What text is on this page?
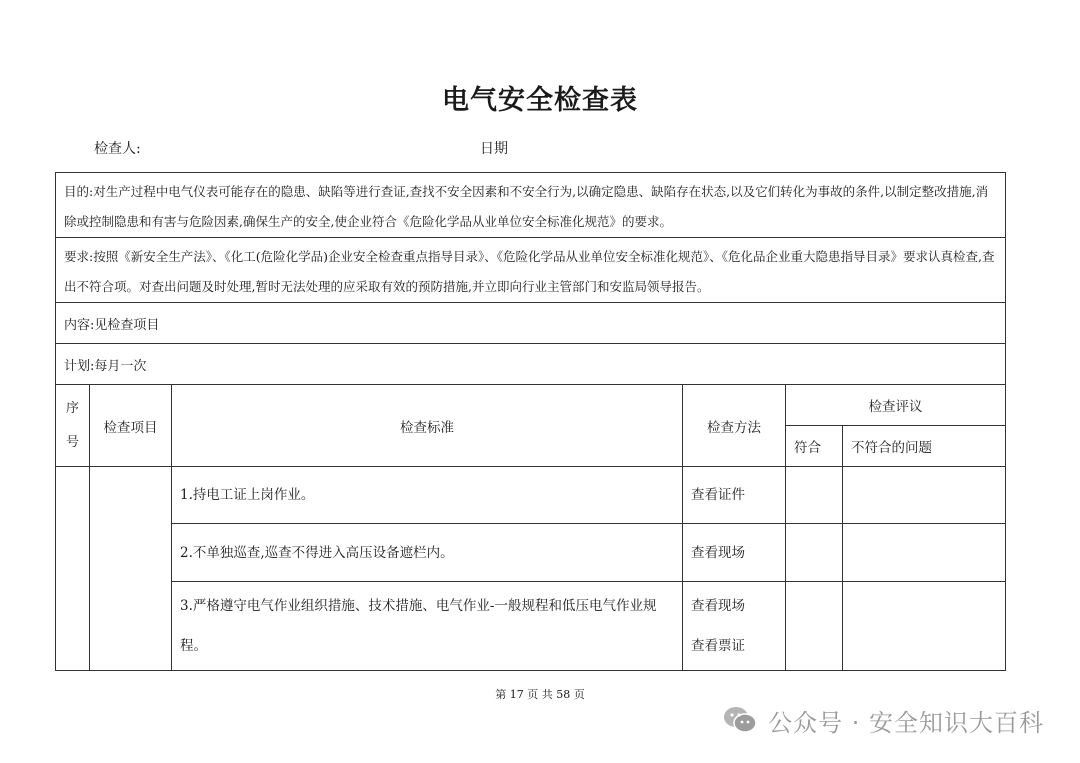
电气安全检查表
检查人:	日期
目的:对生产过程中电气仪表可能存在的隐患、缺陷等进行查证,查找不安全因素和不安全行为,以确定隐患、缺陷存在状态,以及它们转化为事故的条件,以制定整改措施,消除或控制隐患和有害与危险因素,确保生产的安全,使企业符合《危险化学品从业单位安全标准化规范》的要求。					
要求:按照《新安全生产法》、《化工(危险化学品)企业安全检查重点指导目录》、《危险化学品从业单位安全标准化规范》、《危化品企业重大隐患指导目录》要求认真检查,查出不符合项。对查出问题及时处理,暂时无法处理的应采取有效的预防措施,并立即向行业主管部门和安监局领导报告。					
内容:见检查项目					
计划:每月一次					
序
号	检查项目	检查标准	检查方法	检查评议	
				符合	不符合的问题
		1.持电工证上岗作业。	查看证件		
		2.不单独巡查,巡查不得进入高压设备遮栏内。	查看现场		
		3.严格遵守电气作业组织措施、技术措施、电气作业-一般规程和低压电气作业规程。	查看现场
查看票证		
第 17 页 共 58 页
公众号 · 安全知识大百科
